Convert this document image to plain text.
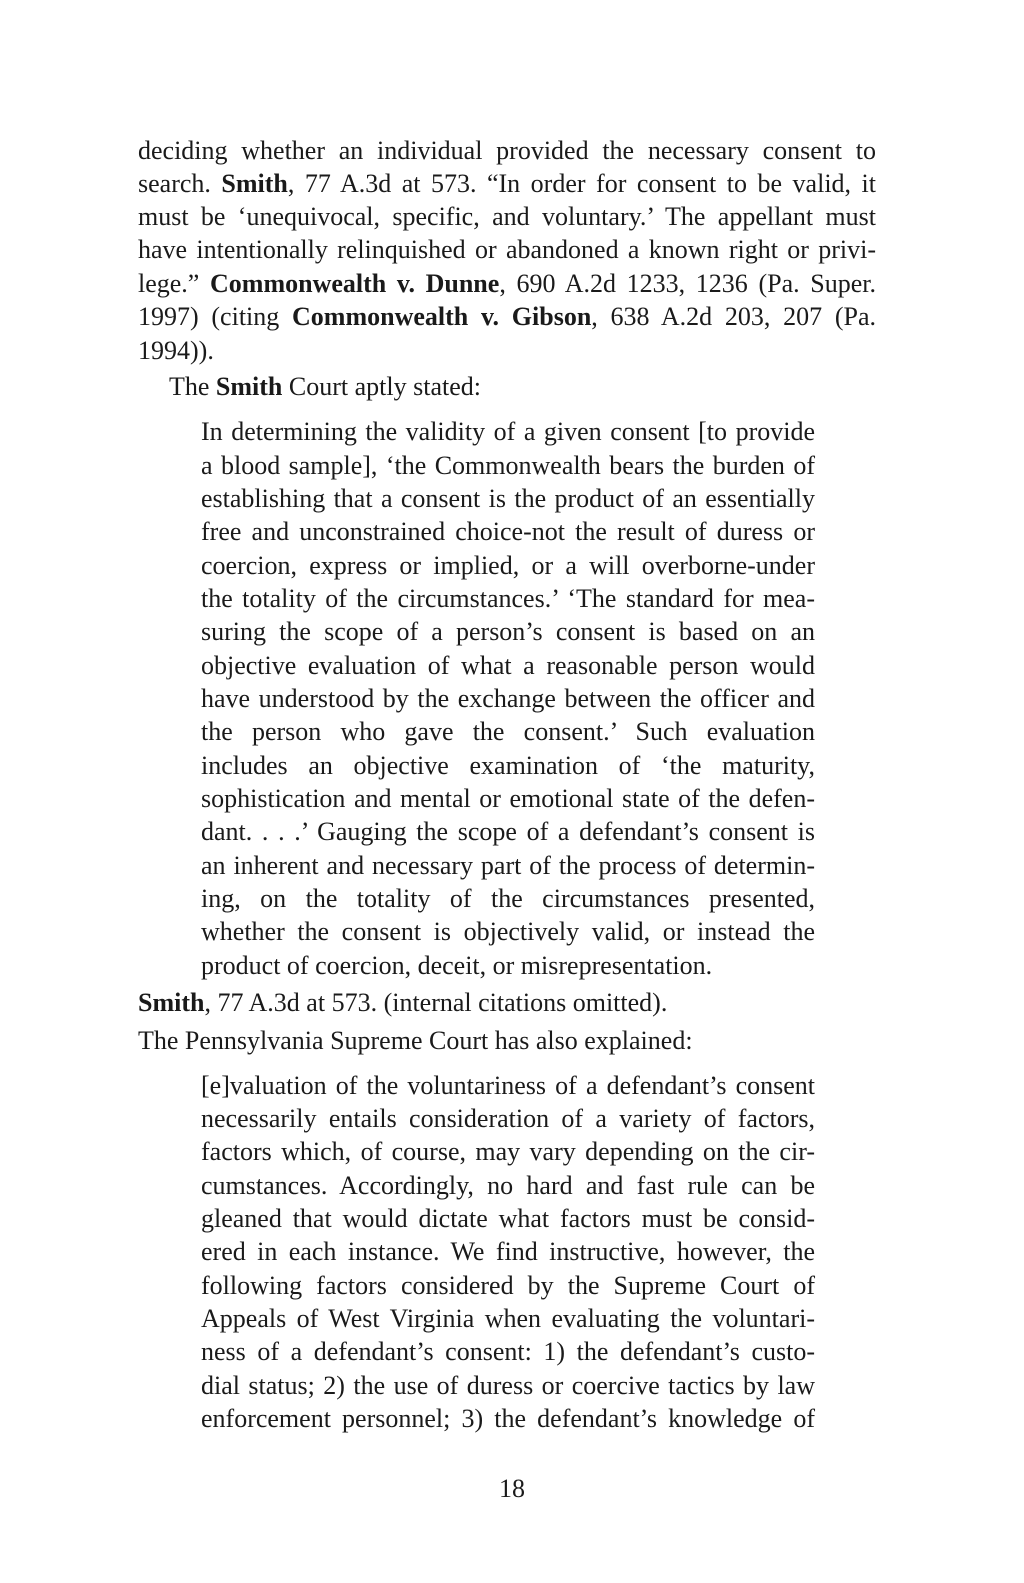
deciding whether an individual provided the necessary consent to

search. Smith, 77 A.3d at 573. “In order for consent to be valid, it

must be ‘unequivocal, specific, and voluntary.’ The appellant must

have intentionally relinquished or abandoned a known right or privi-

lege.” Commonwealth v. Dunne, 690 A.2d 1233, 1236 (Pa. Super.

1997) (citing Commonwealth v. Gibson, 638 A.2d 203, 207 (Pa.

1994)).

The Smith Court aptly stated:

In determining the validity of a given consent [to provide

a blood sample], ‘the Commonwealth bears the burden of

establishing that a consent is the product of an essentially

free and unconstrained choice-not the result of duress or

coercion, express or implied, or a will overborne-under

the totality of the circumstances.’ ‘The standard for mea-

suring the scope of a person’s consent is based on an

objective evaluation of what a reasonable person would

have understood by the exchange between the officer and

the person who gave the consent.’ Such evaluation

includes an objective examination of ‘the maturity,

sophistication and mental or emotional state of the defen-

dant. . . .’ Gauging the scope of a defendant’s consent is

an inherent and necessary part of the process of determin-

ing, on the totality of the circumstances presented,

whether the consent is objectively valid, or instead the

product of coercion, deceit, or misrepresentation.

Smith, 77 A.3d at 573. (internal citations omitted).

The Pennsylvania Supreme Court has also explained:

[e]valuation of the voluntariness of a defendant’s consent

necessarily entails consideration of a variety of factors,

factors which, of course, may vary depending on the cir-

cumstances. Accordingly, no hard and fast rule can be

gleaned that would dictate what factors must be consid-

ered in each instance. We find instructive, however, the

following factors considered by the Supreme Court of

Appeals of West Virginia when evaluating the voluntari-

ness of a defendant’s consent: 1) the defendant’s custo-

dial status; 2) the use of duress or coercive tactics by law

enforcement personnel; 3) the defendant’s knowledge of

18
